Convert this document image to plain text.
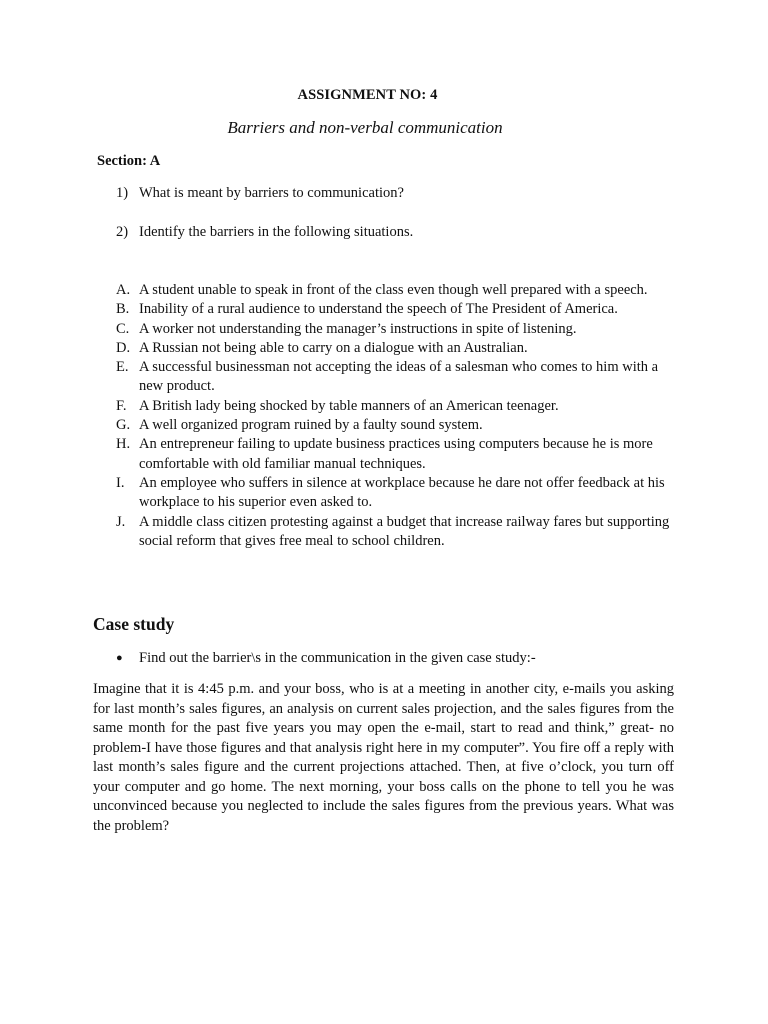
ASSIGNMENT NO: 4
Barriers and non-verbal communication
Section: A
1) What is meant by barriers to communication?
2) Identify the barriers in the following situations.
A. A student unable to speak in front of the class even though well prepared with a speech.
B. Inability of a rural audience to understand the speech of The President of America.
C. A worker not understanding the manager’s instructions in spite of listening.
D. A Russian not being able to carry on a dialogue with an Australian.
E. A successful businessman not accepting the ideas of a salesman who comes to him with a new product.
F. A British lady being shocked by table manners of an American teenager.
G. A well organized program ruined by a faulty sound system.
H. An entrepreneur failing to update business practices using computers because he is more comfortable with old familiar manual techniques.
I. An employee who suffers in silence at workplace because he dare not offer feedback at his workplace to his superior even asked to.
J. A middle class citizen protesting against a budget that increase railway fares but supporting social reform that gives free meal to school children.
Case study
● Find out the barrier\s in the communication in the given case study:-
Imagine that it is 4:45 p.m. and your boss, who is at a meeting in another city, e-mails you asking for last month’s sales figures, an analysis on current sales projection, and the sales figures from the same month for the past five years you may open the e-mail, start to read and think,” great- no problem-I have those figures and that analysis right here in my computer”. You fire off a reply with last month’s sales figure and the current projections attached. Then, at five o’clock, you turn off your computer and go home. The next morning, your boss calls on the phone to tell you he was unconvinced because you neglected to include the sales figures from the previous years. What was the problem?
